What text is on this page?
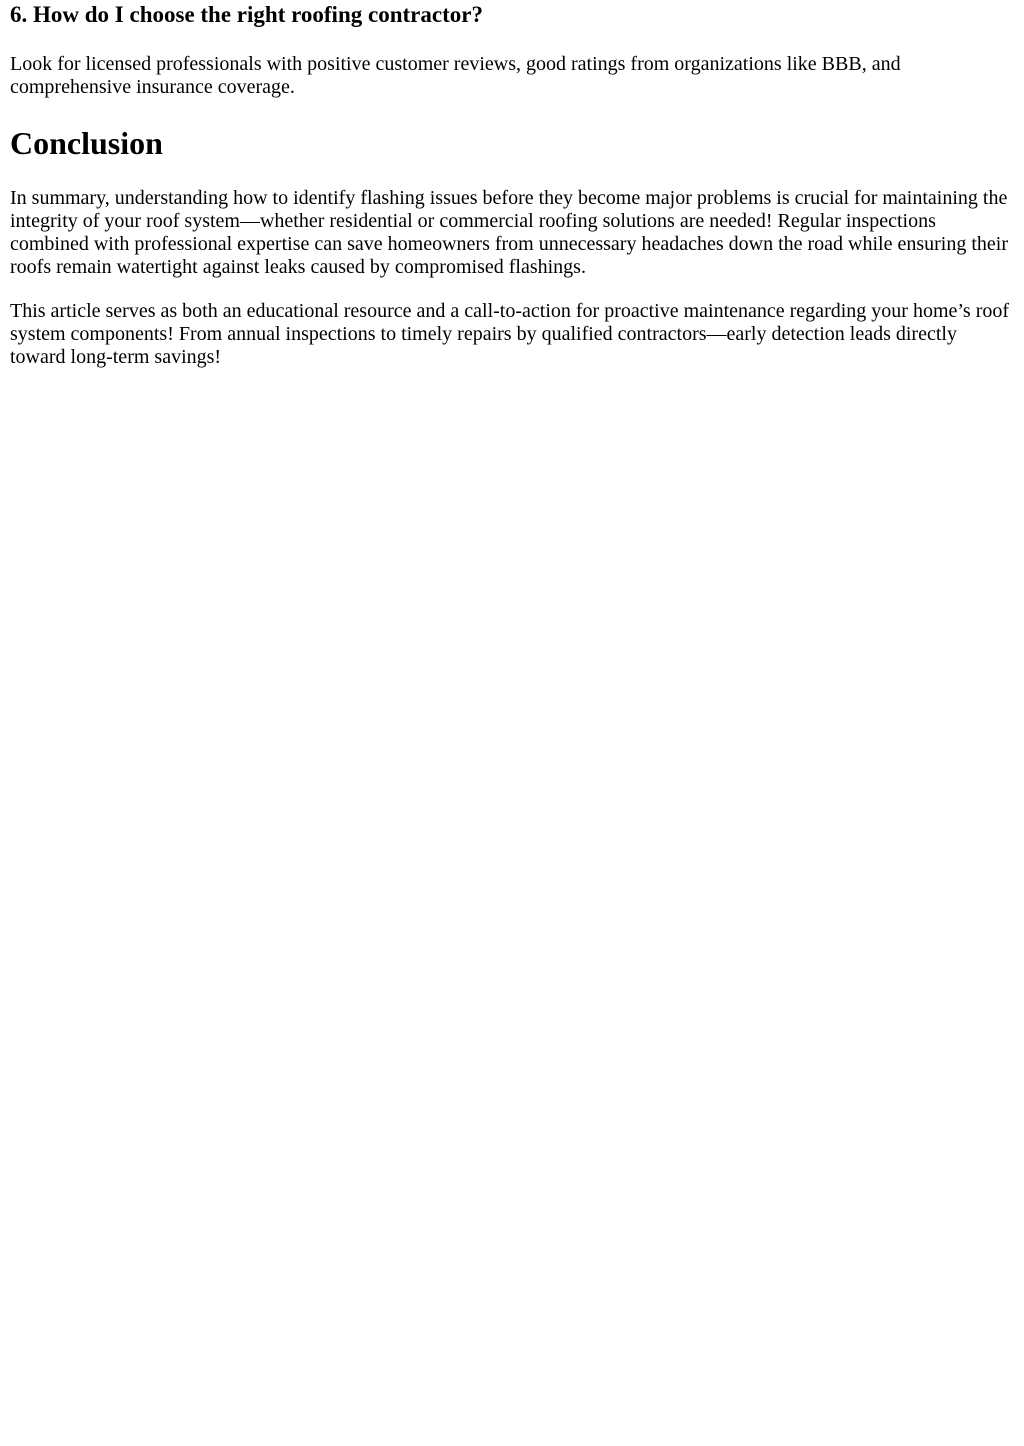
6. How do I choose the right roofing contractor?

Look for licensed professionals with positive customer reviews, good ratings from organizations like BBB, and comprehensive insurance coverage.

Conclusion

In summary, understanding how to identify flashing issues before they become major problems is crucial for maintaining the integrity of your roof system—whether residential or commercial roofing solutions are needed! Regular inspections combined with professional expertise can save homeowners from unnecessary headaches down the road while ensuring their roofs remain watertight against leaks caused by compromised flashings.

This article serves as both an educational resource and a call-to-action for proactive maintenance regarding your home’s roof system components! From annual inspections to timely repairs by qualified contractors—early detection leads directly toward long-term savings!
